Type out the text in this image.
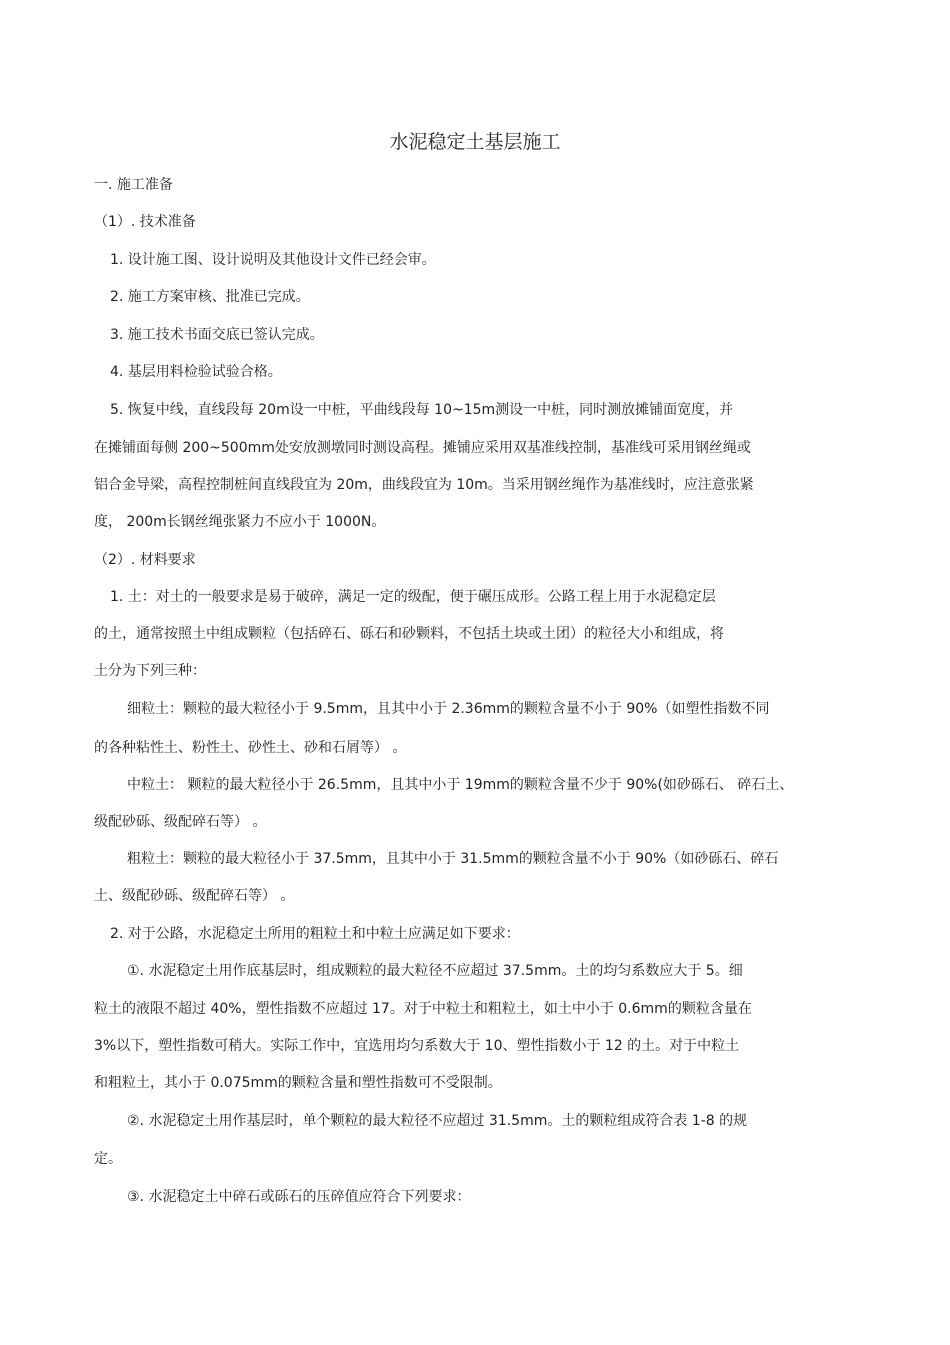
水泥稳定土基层施工
一. 施工准备
（1）. 技术准备
1. 设计施工图、设计说明及其他设计文件已经会审。
2. 施工方案审核、批准已完成。
3. 施工技术书面交底已签认完成。
4. 基层用料检验试验合格。
5. 恢复中线，直线段每 20m设一中桩，平曲线段每 10~15m测设一中桩，同时测放摊铺面宽度，并
在摊铺面每侧 200~500mm处安放测墩同时测设高程。摊铺应采用双基准线控制，基准线可采用钢丝绳或
铝合金导梁，高程控制桩间直线段宜为 20m，曲线段宜为 10m。当采用钢丝绳作为基准线时，应注意张紧
度， 200m长钢丝绳张紧力不应小于 1000N。
（2）. 材料要求
1. 土：对土的一般要求是易于破碎，满足一定的级配，便于碾压成形。公路工程上用于水泥稳定层
的土，通常按照土中组成颗粒（包括碎石、砾石和砂颗料，不包括土块或土团）的粒径大小和组成，将
土分为下列三种：
细粒土：颗粒的最大粒径小于 9.5mm，且其中小于 2.36mm的颗粒含量不小于 90%（如塑性指数不同
的各种粘性土、粉性土、砂性土、砂和石屑等） 。
中粒土： 颗粒的最大粒径小于 26.5mm，且其中小于 19mm的颗粒含量不少于 90%(如砂砾石、 碎石土、
级配砂砾、级配碎石等） 。
粗粒土：颗粒的最大粒径小于 37.5mm，且其中小于 31.5mm的颗粒含量不小于 90%（如砂砾石、碎石
土、级配砂砾、级配碎石等） 。
2. 对于公路，水泥稳定土所用的粗粒土和中粒土应满足如下要求：
①. 水泥稳定土用作底基层时，组成颗粒的最大粒径不应超过 37.5mm。土的均匀系数应大于 5。细
粒土的液限不超过 40%，塑性指数不应超过 17。对于中粒土和粗粒土，如土中小于 0.6mm的颗粒含量在
3%以下，塑性指数可稍大。实际工作中，宜选用均匀系数大于 10、塑性指数小于 12 的土。对于中粒土
和粗粒土，其小于 0.075mm的颗粒含量和塑性指数可不受限制。
②. 水泥稳定土用作基层时，单个颗粒的最大粒径不应超过 31.5mm。土的颗粒组成符合表 1-8 的规
定。
③. 水泥稳定土中碎石或砾石的压碎值应符合下列要求：
